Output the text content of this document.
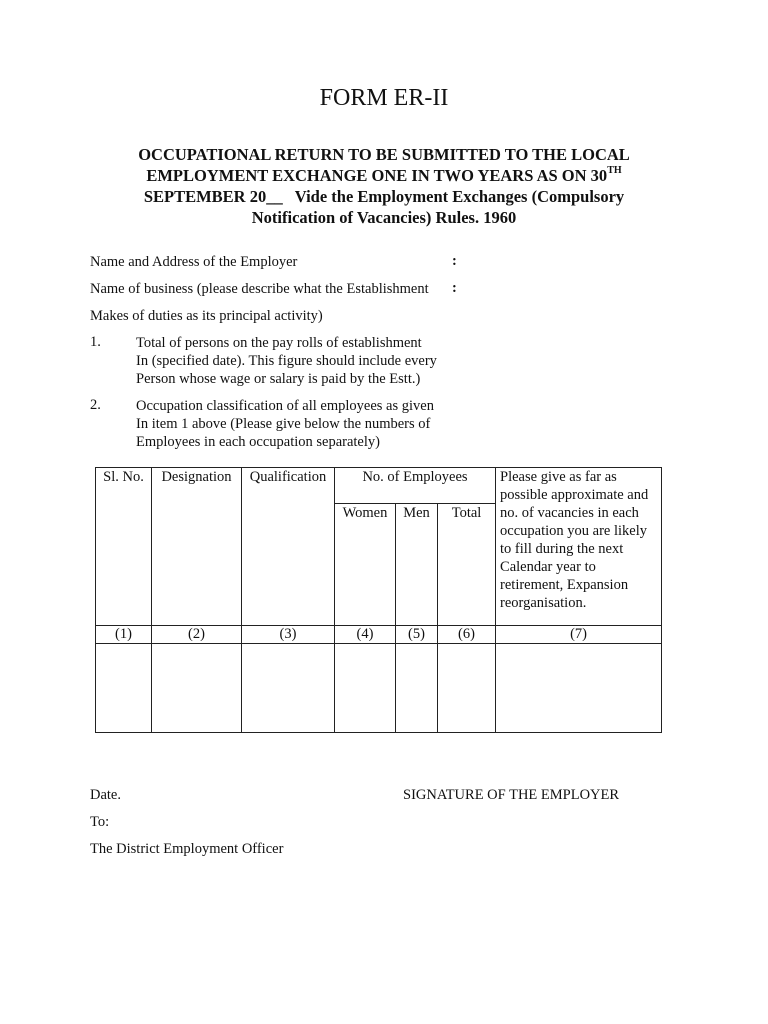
FORM ER-II
OCCUPATIONAL RETURN TO BE SUBMITTED TO THE LOCAL
EMPLOYMENT EXCHANGE ONE IN TWO YEARS AS ON 30TH
SEPTEMBER 20__   Vide the Employment Exchanges (Compulsory
Notification of Vacancies) Rules. 1960
Name and Address of the Employer	:
Name of business (please describe what the Establishment :
Makes of duties as its principal activity)
1. Total of persons on the pay rolls of establishment
In (specified date). This figure should include every
Person whose wage or salary is paid by the Estt.)
2. Occupation classification of all employees as given
In item 1 above (Please give below the numbers of
Employees in each occupation separately)
Sl. No.	Designation	Qualification	No. of Employees			Please give as far as possible approximate and no. of vacancies in each occupation you are likely to fill during the next Calendar year to retirement, Expansion reorganisation.
			Women	Men	Total	
(1)	(2)	(3)	(4)	(5)	(6)	(7)

Date.	SIGNATURE OF THE EMPLOYER
To:
The District Employment Officer
